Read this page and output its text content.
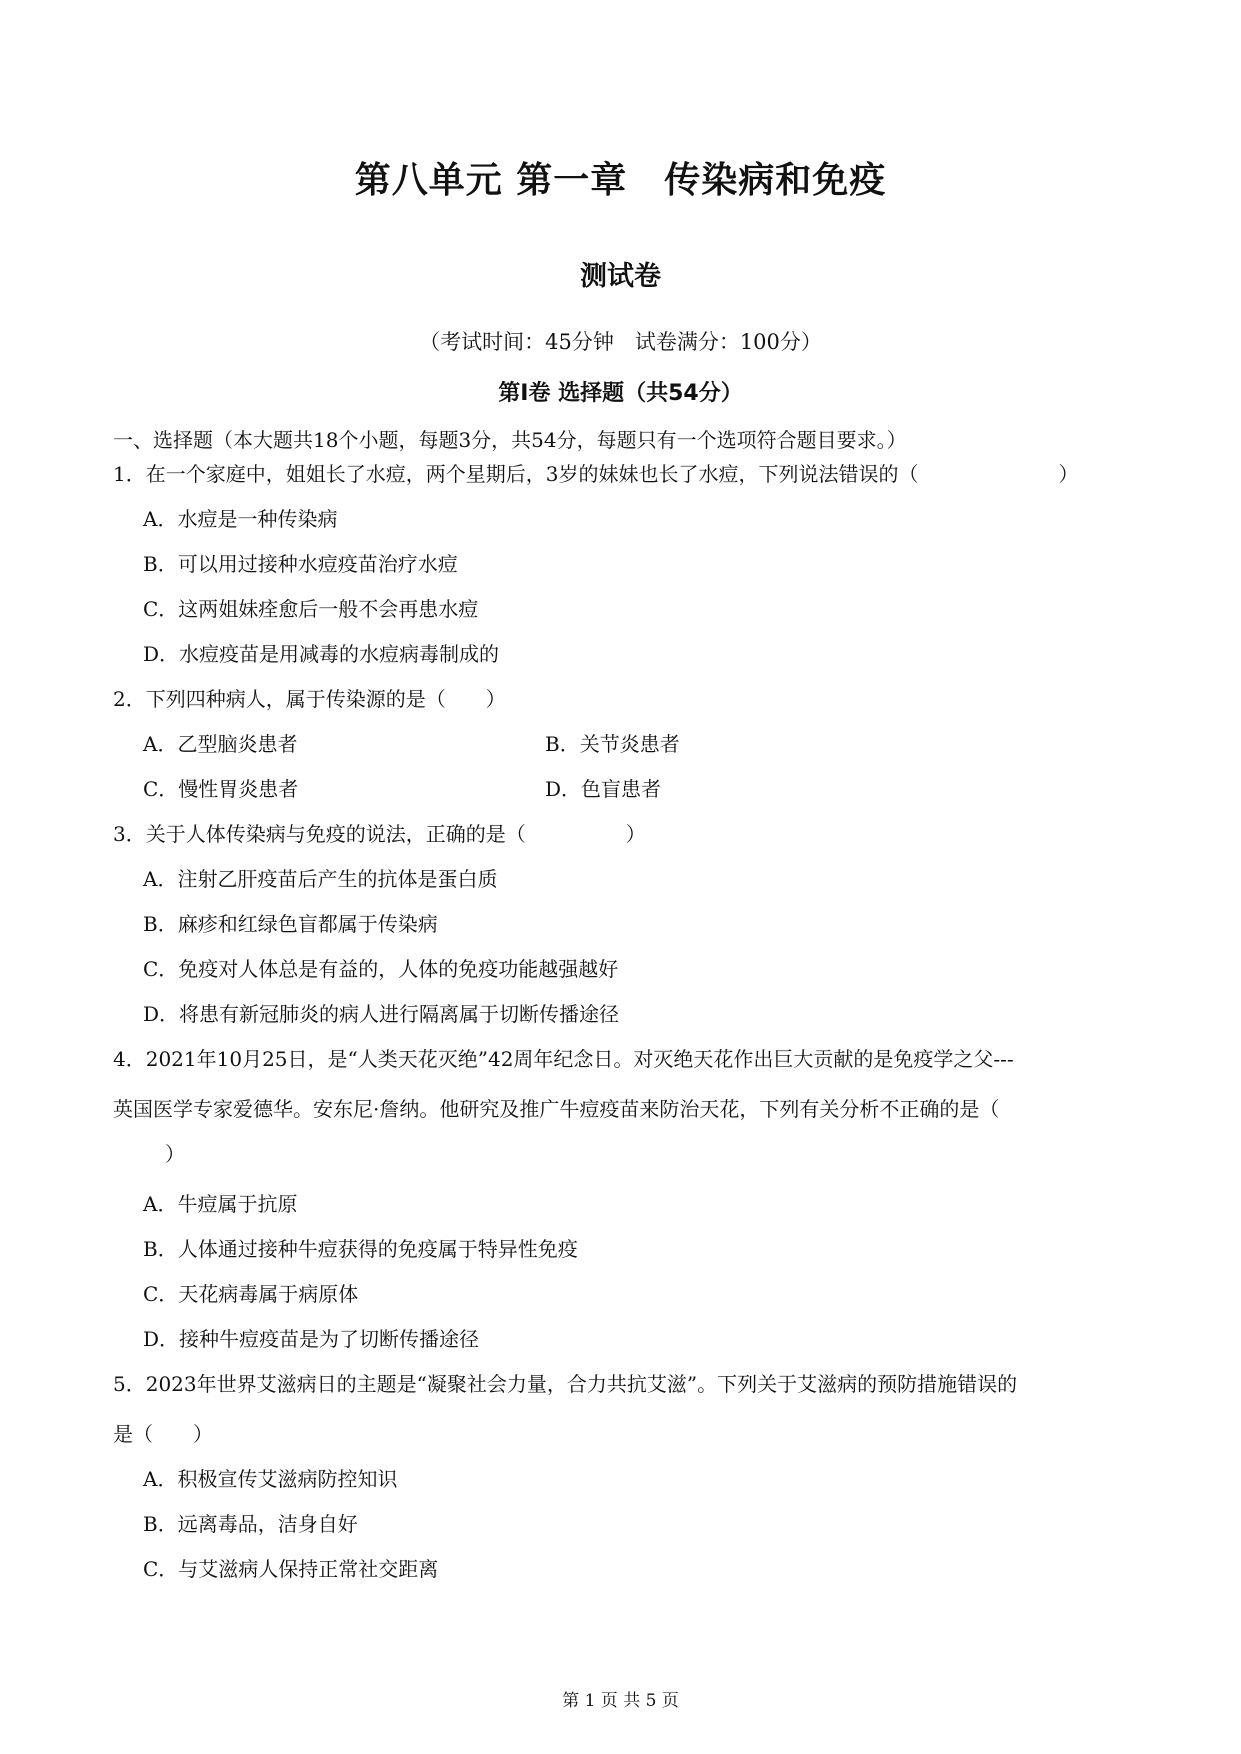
第八单元 第一章　传染病和免疫
测试卷
（考试时间：45分钟　试卷满分：100分）
第Ⅰ卷 选择题（共54分）
一、选择题（本大题共18个小题，每题3分，共54分，每题只有一个选项符合题目要求。）
1．在一个家庭中，姐姐长了水痘，两个星期后，3岁的妹妹也长了水痘，下列说法错误的（　　　　　　　）
A．水痘是一种传染病
B．可以用过接种水痘疫苗治疗水痘
C．这两姐妹痊愈后一般不会再患水痘
D．水痘疫苗是用减毒的水痘病毒制成的
2．下列四种病人，属于传染源的是（　　）
A．乙型脑炎患者	B．关节炎患者
C．慢性胃炎患者	D．色盲患者
3．关于人体传染病与免疫的说法，正确的是（　　　　　）
A．注射乙肝疫苗后产生的抗体是蛋白质
B．麻疹和红绿色盲都属于传染病
C．免疫对人体总是有益的，人体的免疫功能越强越好
D．将患有新冠肺炎的病人进行隔离属于切断传播途径
4．2021年10月25日，是“人类天花灭绝”42周年纪念日。对灭绝天花作出巨大贡献的是免疫学之父---
英国医学专家爱德华。安东尼·詹纳。他研究及推广牛痘疫苗来防治天花，下列有关分析不正确的是（
）
A．牛痘属于抗原
B．人体通过接种牛痘获得的免疫属于特异性免疫
C．天花病毒属于病原体
D．接种牛痘疫苗是为了切断传播途径
5．2023年世界艾滋病日的主题是“凝聚社会力量，合力共抗艾滋”。下列关于艾滋病的预防措施错误的
是（　　）
A．积极宣传艾滋病防控知识
B．远离毒品，洁身自好
C．与艾滋病人保持正常社交距离
第 1 页 共 5 页
